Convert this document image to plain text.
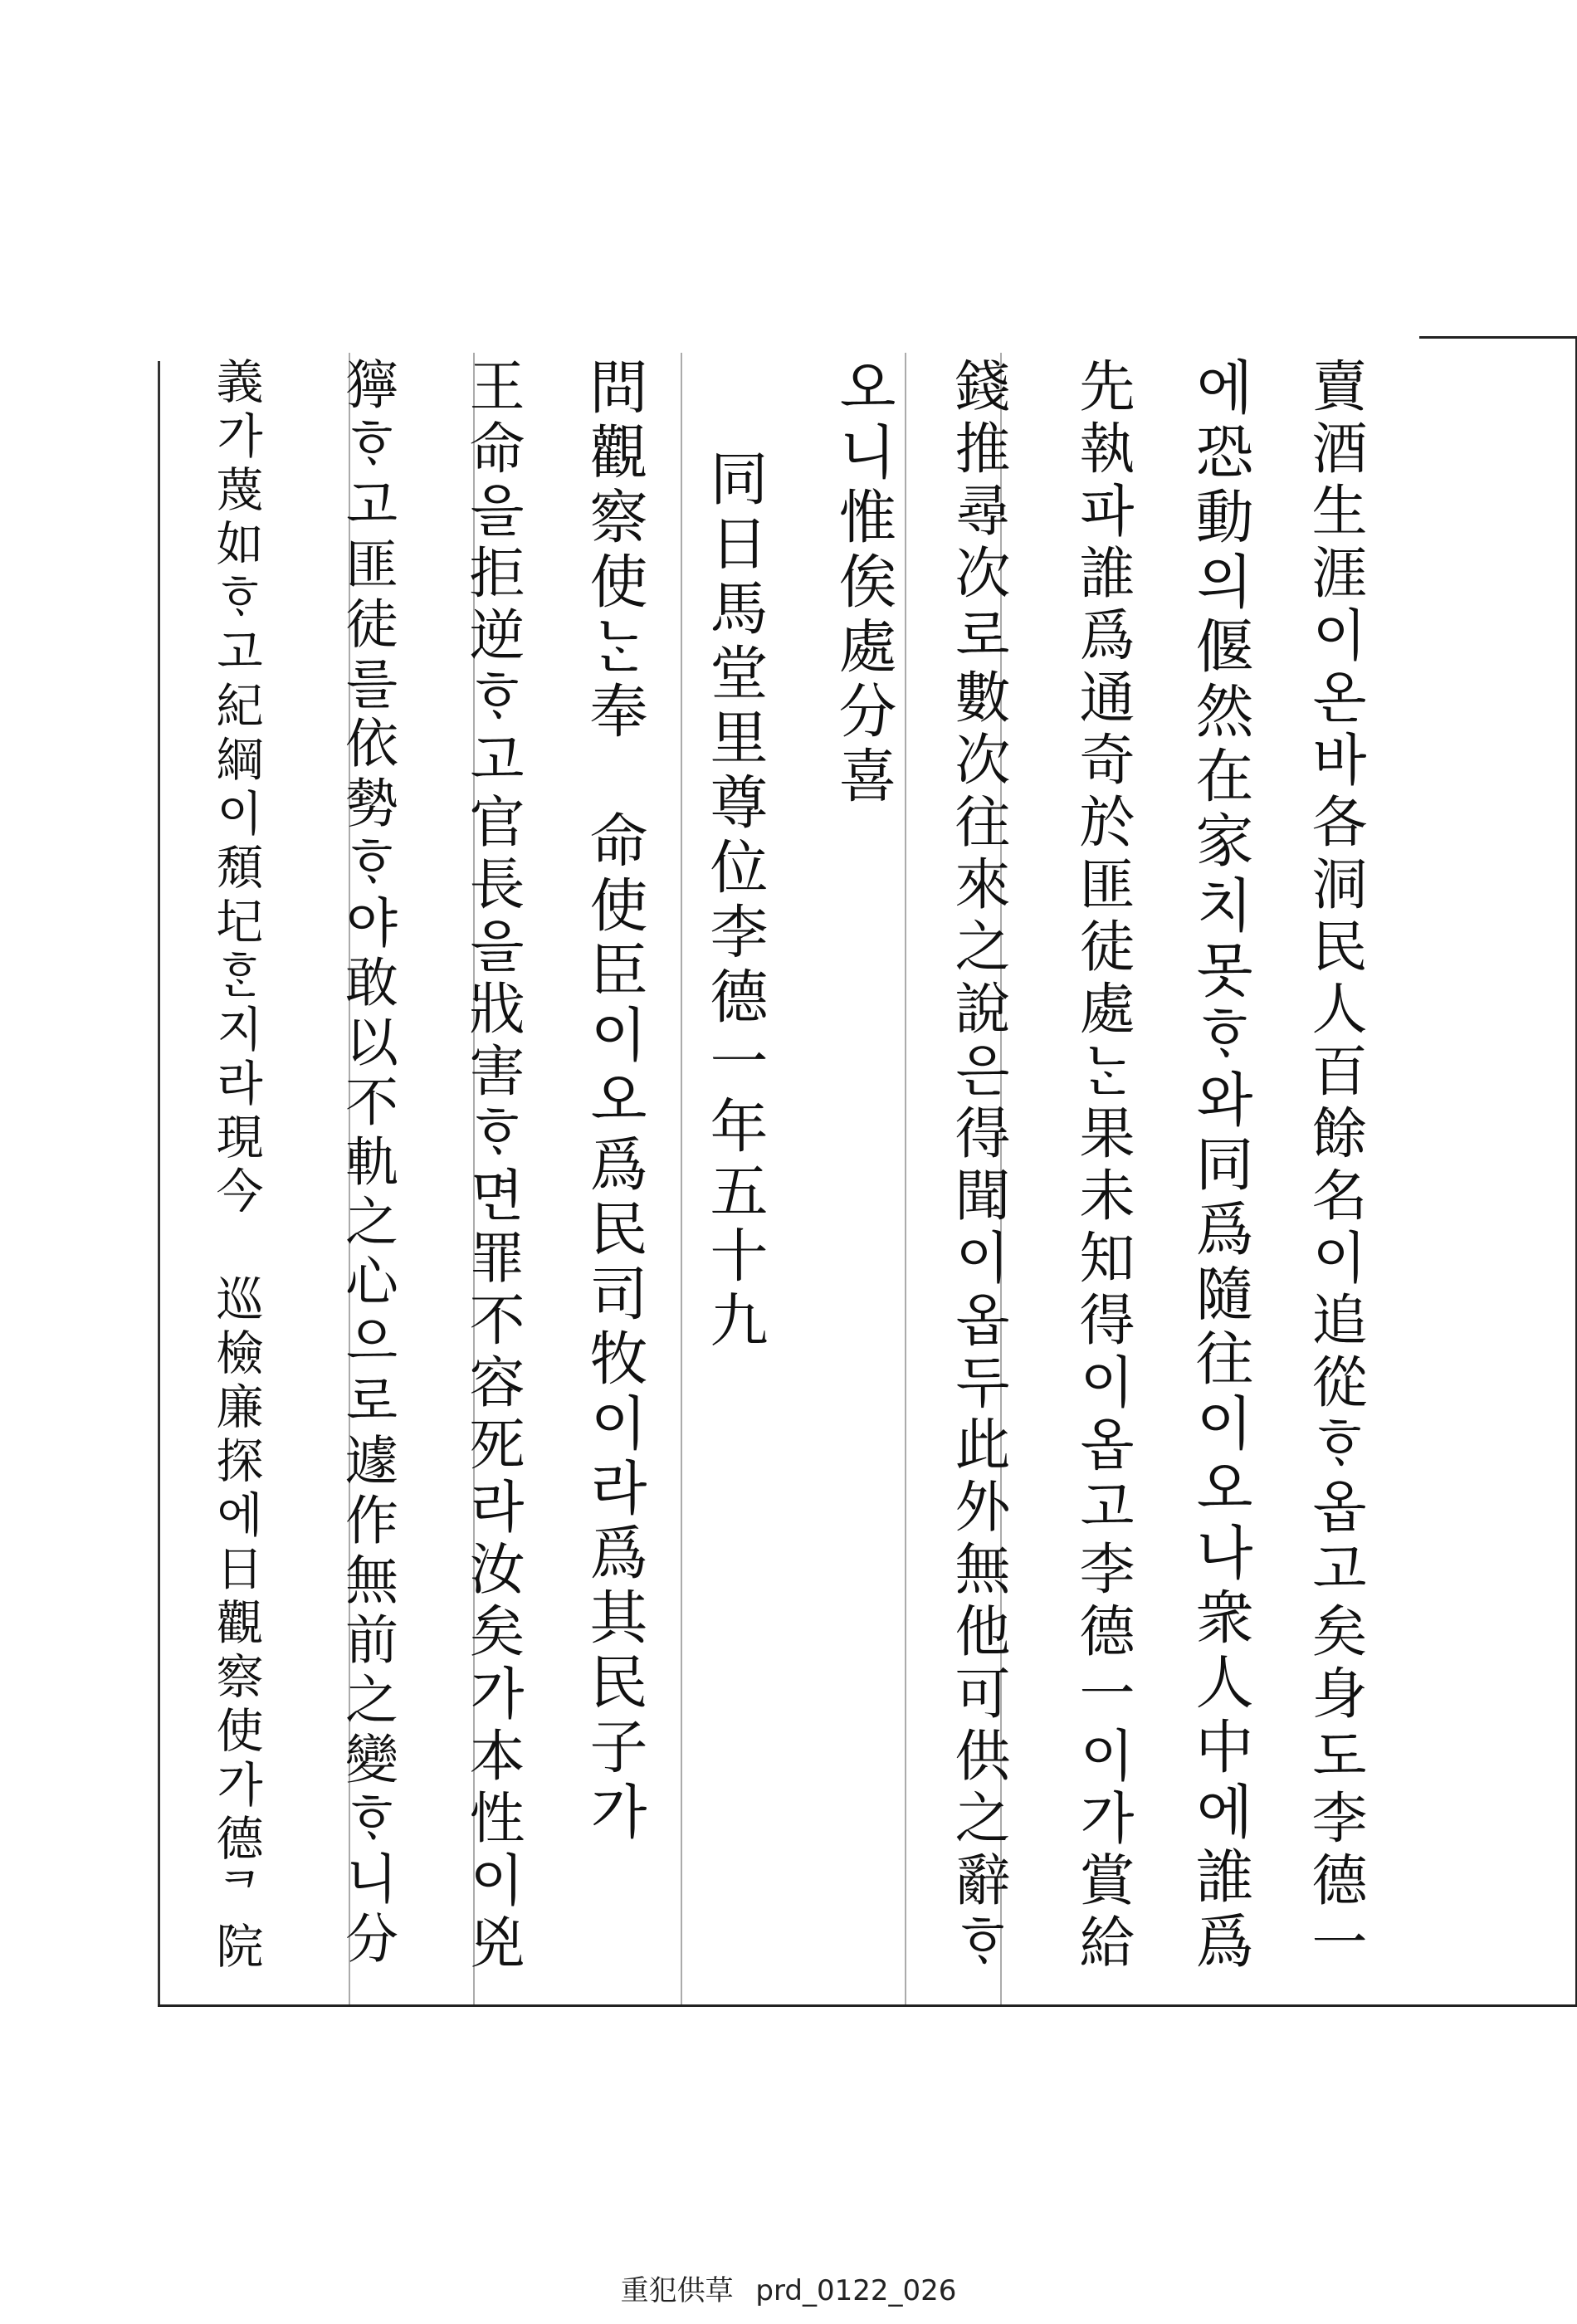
賣酒生涯이온바各洞民人百餘名이追從ᄒᆞ옵고矣身도李德一
에恐動의偃然在家치못ᄒᆞ와同爲隨往이오나衆人中에誰爲
先執파誰爲通奇於匪徒處ᄂᆞᆫ果未知得이옵고李德一이가賞給
錢推尋次로數次往來之說은得聞이옵두此外無他可供之辭ᄒᆞ
오니惟俟處分喜
同日馬堂里尊位李德一年五十九
問觀察使ᄂᆞᆫ奉　命使臣이오爲民司牧이라爲其民子가
王命을拒逆ᄒᆞ고官長을戕害ᄒᆞ면罪不容死라汝矣가本性이兇
獰ᄒᆞ고匪徒를依勢ᄒᆞ야敢以不軌之心으로遽作無前之變ᄒᆞ니分
義가蔑如ᄒᆞ고紀綱이頹圮ᄒᆞᆫ지라現今　巡檢廉探에日觀察使가德ᄏ院
重犯供草 prd_0122_026
